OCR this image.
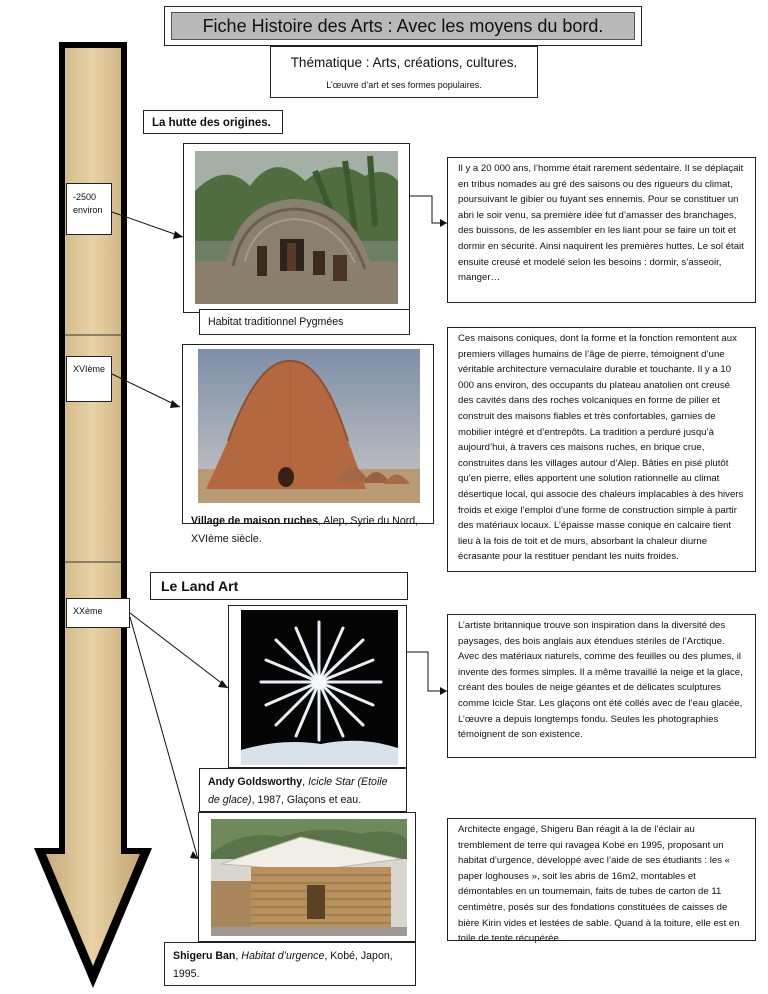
Fiche Histoire des Arts : Avec les moyens du bord.
Thématique : Arts, créations, cultures.
L’œuvre d’art et ses formes populaires.
La hutte des origines.
-2500
environ
XVIème
XXème
Habitat traditionnel Pygmées
Il y a 20 000 ans, l’homme était rarement sédentaire. Il se déplaçait en tribus nomades au gré des saisons ou des rigueurs du climat, poursuivant le gibier ou fuyant ses ennemis. Pour se constituer un abri le soir venu, sa première idée fut d’amasser des branchages, des buissons, de les assembler en les liant pour se faire un toit et dormir en sécurité. Ainsi naquirent les premières huttes. Le sol était ensuite creusé et modelé selon les besoins : dormir, s’asseoir, manger…
Village de maison ruches, Alep, Syrie du Nord, XVIème siècle.
Ces maisons coniques, dont la forme et la fonction remontent aux premiers villages humains de l’âge de pierre, témoignent d’une véritable architecture vernaculaire durable et touchante. Il y a 10 000 ans environ, des occupants du plateau anatolien ont creusé des cavités dans des roches volcaniques en forme de pilier et construit des maisons fiables et très confortables, garnies de mobilier intégré et d’entrepôts. La tradition a perduré jusqu’à aujourd’hui, à travers ces maisons ruches, en brique crue, construites dans les villages autour d’Alep. Bâties en pisé plutôt qu’en pierre, elles apportent une solution rationnelle au climat désertique local, qui associe des chaleurs implacables à des hivers froids et exige l’emploi d’une forme de construction simple à partir des matériaux locaux. L’épaisse masse conique en calcaire tient lieu à la fois de toit et de murs, absorbant la chaleur diurne écrasante pour la restituer pendant les nuits froides.
Le Land Art
Andy Goldsworthy, Icicle Star (Etoile de glace), 1987, Glaçons et eau.
L’artiste britannique trouve son inspiration dans la diversité des paysages, des bois anglais aux étendues stériles de l’Arctique. Avec des matériaux naturels, comme des feuilles ou des plumes, il invente des formes simples. Il a même travaillé la neige et la glace, créant des boules de neige géantes et de délicates sculptures comme Icicle Star. Les glaçons ont été collés avec de l’eau glacée, L’œuvre a depuis longtemps fondu. Seules les photographies témoignent de son existence.
Architecte engagé, Shigeru Ban réagit à la de l’éclair au tremblement de terre qui ravagea Kobé en 1995, proposant un habitat d’urgence, développé avec l’aide de ses étudiants : les « paper loghouses », soit les abris de 16m2, montables et démontables en un tournemain, faits de tubes de carton de 11 centimètre, posés sur des fondations constituées de caisses de bière Kirin vides et lestées de sable. Quand à la toiture, elle est en toile de tente récupérée.
Shigeru Ban, Habitat d’urgence, Kobé, Japon, 1995.
